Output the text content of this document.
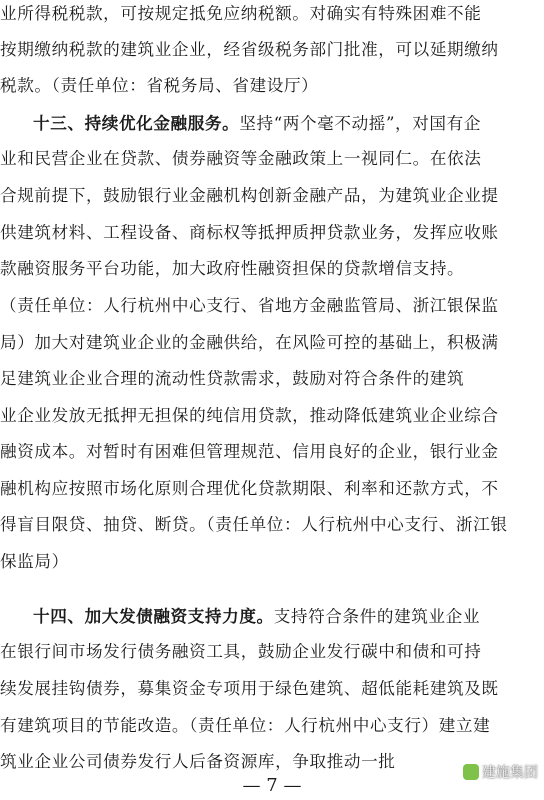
业所得税税款，可按规定抵免应纳税额。对确实有特殊困难不能
按期缴纳税款的建筑业企业，经省级税务部门批准，可以延期缴纳
税款。（责任单位：省税务局、省建设厅）
十三、持续优化金融服务。坚持“两个毫不动摇”，对国有企
业和民营企业在贷款、债券融资等金融政策上一视同仁。在依法
合规前提下，鼓励银行业金融机构创新金融产品，为建筑业企业提
供建筑材料、工程设备、商标权等抵押质押贷款业务，发挥应收账
款融资服务平台功能，加大政府性融资担保的贷款增信支持。
（责任单位：人行杭州中心支行、省地方金融监管局、浙江银保监
局）加大对建筑业企业的金融供给，在风险可控的基础上，积极满
足建筑业企业合理的流动性贷款需求，鼓励对符合条件的建筑
业企业发放无抵押无担保的纯信用贷款，推动降低建筑业企业综合
融资成本。对暂时有困难但管理规范、信用良好的企业，银行业金
融机构应按照市场化原则合理优化贷款期限、利率和还款方式，不
得盲目限贷、抽贷、断贷。（责任单位：人行杭州中心支行、浙江银
保监局）
十四、加大发债融资支持力度。支持符合条件的建筑业企业
在银行间市场发行债务融资工具，鼓励企业发行碳中和债和可持
续发展挂钩债券，募集资金专项用于绿色建筑、超低能耗建筑及既
有建筑项目的节能改造。（责任单位：人行杭州中心支行）建立建
筑业企业公司债券发行人后备资源库，争取推动一批
建施集团
— 7 —
